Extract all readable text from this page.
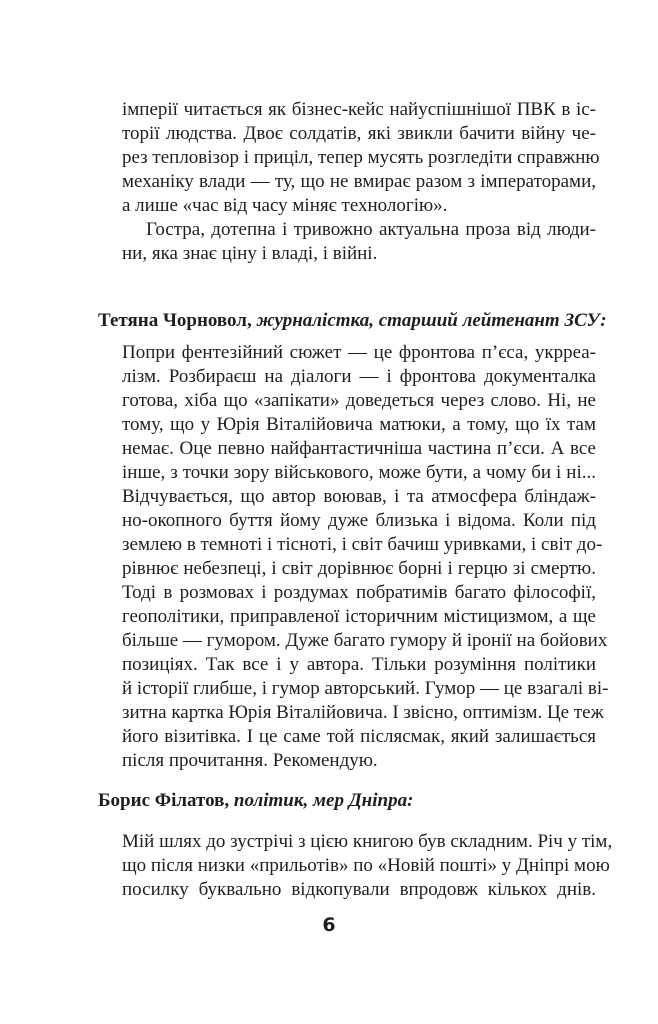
імперії читається як бізнес-кейс найуспішнішої ПВК в іс-
торії людства. Двоє солдатів, які звикли бачити війну че-
рез тепловізор і приціл, тепер мусять розгледіти справжню
механіку влади — ту, що не вмирає разом з імператорами,
а лише «час від часу міняє технологію».
Гостра, дотепна і тривожно актуальна проза від люди-
ни, яка знає ціну і владі, і війні.
Тетяна Чорновол, журналістка, старший лейтенант ЗСУ:
Попри фентезійний сюжет — це фронтова п’єса, укрреа-
лізм. Розбираєш на діалоги — і фронтова документалка
готова, хіба що «запікати» доведеться через слово. Ні, не
тому, що у Юрія Віталійовича матюки, а тому, що їх там
немає. Оце певно найфантастичніша частина п’єси. А все
інше, з точки зору військового, може бути, а чому би і ні...
Відчувається, що автор воював, і та атмосфера бліндаж-
но-окопного буття йому дуже близька і відома. Коли під
землею в темноті і тісноті, і світ бачиш уривками, і світ до-
рівнює небезпеці, і світ дорівнює борні і герцю зі смертю.
Тоді в розмовах і роздумах побратимів багато філософії,
геополітики, приправленої історичним містицизмом, а ще
більше — гумором. Дуже багато гумору й іронії на бойових
позиціях. Так все і у автора. Тільки розуміння політики
й історії глибше, і гумор авторський. Гумор — це взагалі ві-
зитна картка Юрія Віталійовича. І звісно, оптимізм. Це теж
його візитівка. І це саме той післясмак, який залишається
після прочитання. Рекомендую.
Борис Філатов, політик, мер Дніпра:
Мій шлях до зустрічі з цією книгою був складним. Річ у тім,
що після низки «прильотів» по «Новій пошті» у Дніпрі мою
посилку буквально відкопували впродовж кількох днів.
6
